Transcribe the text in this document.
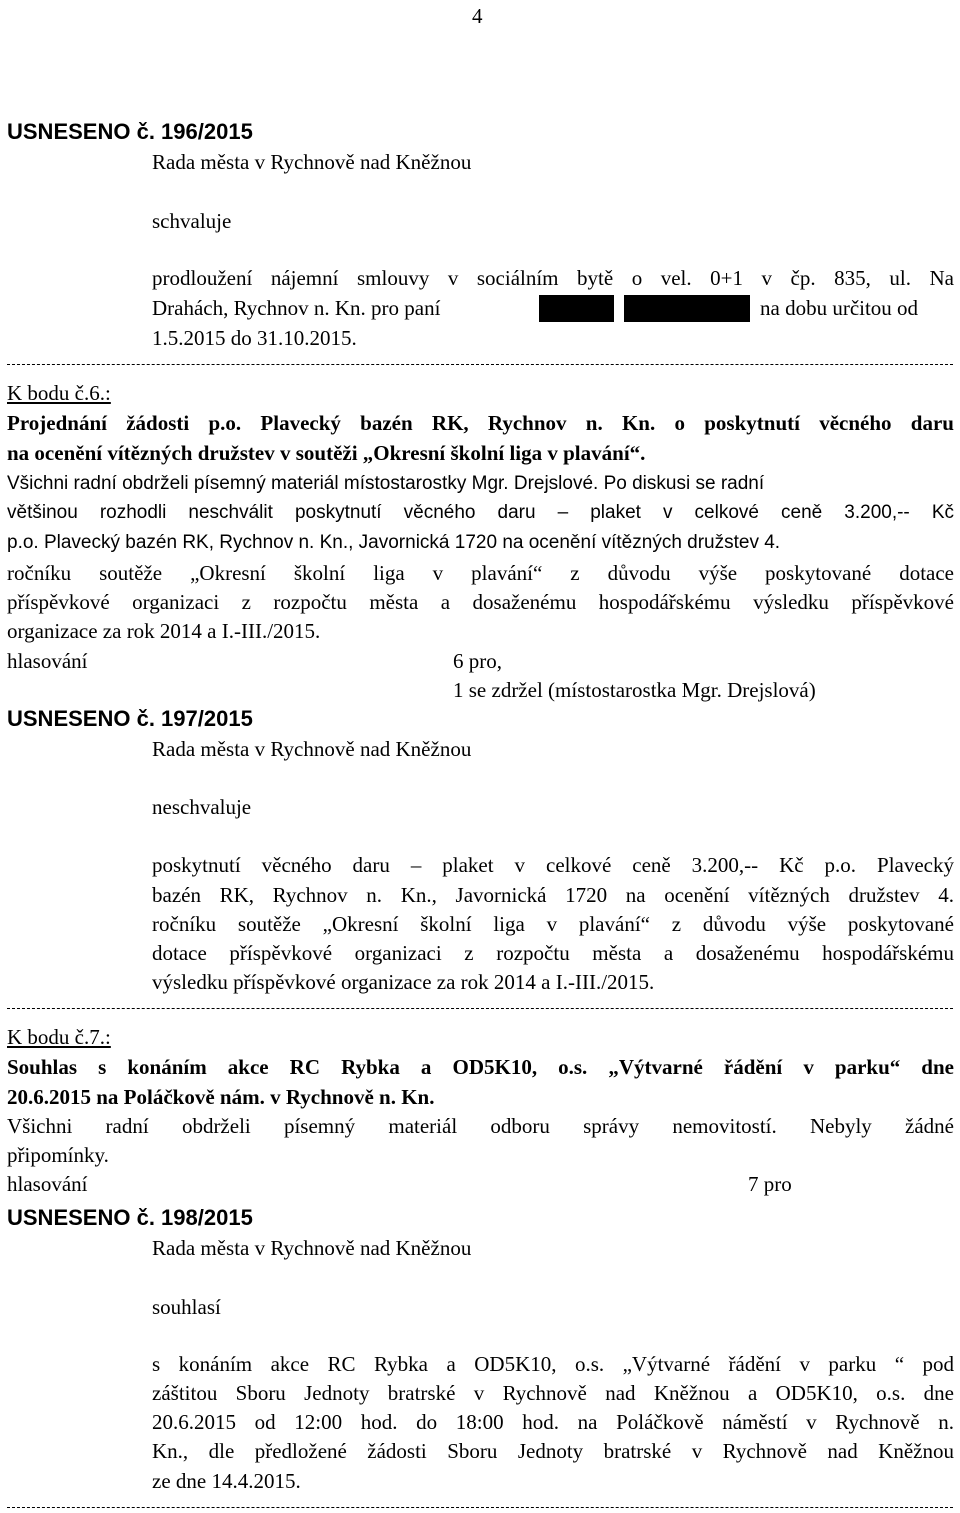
4
USNESENO č. 196/2015
Rada města v Rychnově nad Kněžnou
schvaluje
prodloužení nájemní smlouvy v sociálním bytě o vel. 0+1 v čp. 835, ul. Na
Drahách, Rychnov n. Kn. pro paní	na dobu určitou od
1.5.2015 do 31.10.2015.
K bodu č.6.:
Projednání žádosti p.o. Plavecký bazén RK, Rychnov n. Kn. o poskytnutí věcného daru
na ocenění vítězných družstev v soutěži „Okresní školní liga v plavání“.
Všichni radní obdrželi písemný materiál místostarostky Mgr. Drejslové. Po diskusi se radní
většinou rozhodli neschválit poskytnutí věcného daru – plaket v celkové ceně 3.200,-- Kč
p.o. Plavecký bazén RK, Rychnov n. Kn., Javornická 1720 na ocenění vítězných družstev 4.
ročníku soutěže „Okresní školní liga v plavání“ z důvodu výše poskytované dotace
příspěvkové organizaci z rozpočtu města a dosaženému hospodářskému výsledku příspěvkové
organizace za rok 2014 a I.-III./2015.
hlasování	6 pro,
1 se zdržel (místostarostka Mgr. Drejslová)
USNESENO č. 197/2015
Rada města v Rychnově nad Kněžnou
neschvaluje
poskytnutí věcného daru – plaket v celkové ceně 3.200,-- Kč p.o. Plavecký
bazén RK, Rychnov n. Kn., Javornická 1720 na ocenění vítězných družstev 4.
ročníku soutěže „Okresní školní liga v plavání“ z důvodu výše poskytované
dotace příspěvkové organizaci z rozpočtu města a dosaženému hospodářskému
výsledku příspěvkové organizace za rok 2014 a I.-III./2015.
K bodu č.7.:
Souhlas s konáním akce RC Rybka a OD5K10, o.s. „Výtvarné řádění v parku“ dne
20.6.2015 na Poláčkově nám. v Rychnově n. Kn.
Všichni radní obdrželi písemný materiál odboru správy nemovitostí. Nebyly žádné
připomínky.
hlasování	7 pro
USNESENO č. 198/2015
Rada města v Rychnově nad Kněžnou
souhlasí
s konáním akce RC Rybka a OD5K10, o.s. „Výtvarné řádění v parku “ pod
záštitou Sboru Jednoty bratrské v Rychnově nad Kněžnou a OD5K10, o.s. dne
20.6.2015 od 12:00 hod. do 18:00 hod. na Poláčkově náměstí v Rychnově n.
Kn., dle předložené žádosti Sboru Jednoty bratrské v Rychnově nad Kněžnou
ze dne 14.4.2015.
